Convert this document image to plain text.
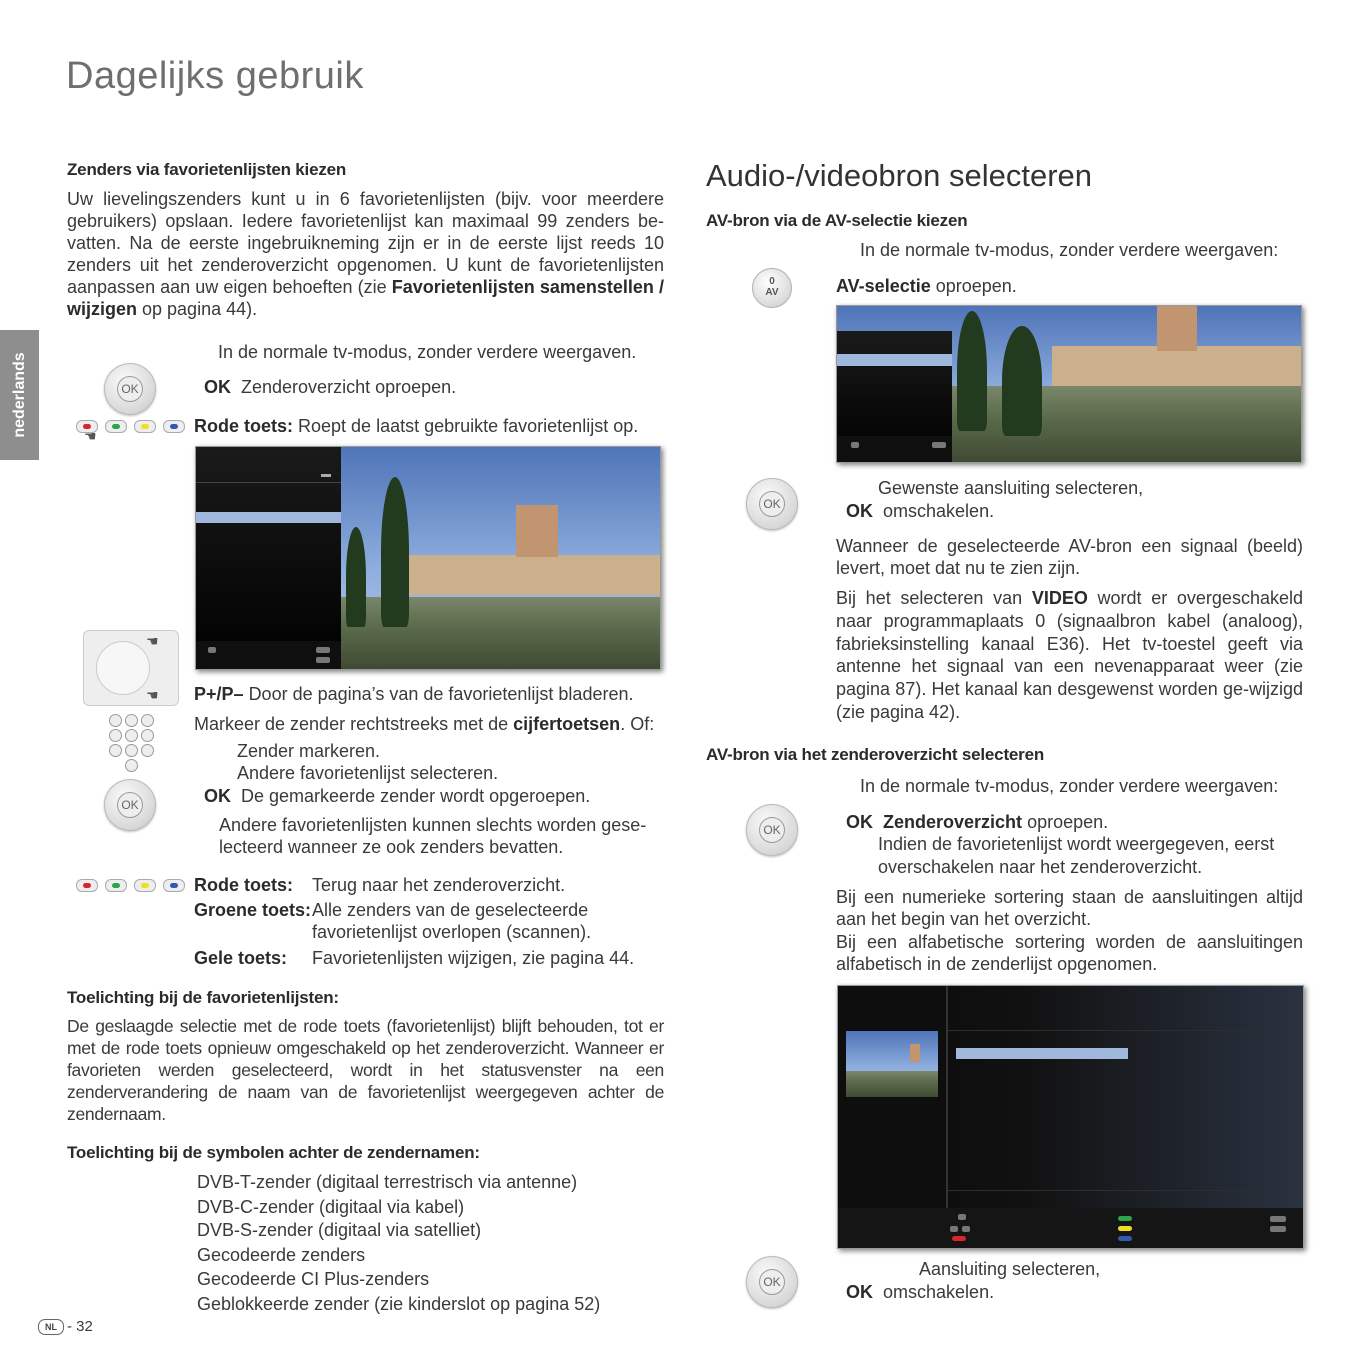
Dagelijks gebruik
nederlands
Zenders via favorietenlijsten kiezen
Uw lievelingszenders kunt u in 6 favorietenlijsten (bijv. voor meerdere gebruikers) opslaan. Iedere favorietenlijst kan maximaal 99 zenders be-vatten. Na de eerste ingebruikneming zijn er in de eerste lijst reeds 10 zenders uit het zenderoverzicht opgenomen. U kunt de favorietenlijsten aanpassen aan uw eigen behoeften (zie Favorietenlijsten samenstellen / wijzigen op pagina 44).
In de normale tv-modus, zonder verdere weergaven.
OK	OK Zenderoverzicht oproepen.
☚	Rode toets: Roept de laatst gebruikte favorietenlijst op.
☚
☚ P+/P– Door de pagina’s van de favorietenlijst bladeren.
Markeer de zender rechtstreeks met de cijfertoetsen. Of:
OK
Zender markeren.
Andere favorietenlijst selecteren.
OK De gemarkeerde zender wordt opgeroepen.
Andere favorietenlijsten kunnen slechts worden gese-
lecteerd wanneer ze ook zenders bevatten.
Rode toets: Terug naar het zenderoverzicht.
Groene toets: Alle zenders van de geselecteerde
favorietenlijst overlopen (scannen).
Gele toets: Favorietenlijsten wijzigen, zie pagina 44.
Toelichting bij de favorietenlijsten:
De geslaagde selectie met de rode toets (favorietenlijst) blijft behouden, tot er met de rode toets opnieuw omgeschakeld op het zenderoverzicht. Wanneer er favorieten werden geselecteerd, wordt in het statusvenster na een zenderverandering de naam van de favorietenlijst weergegeven achter de zendernaam.
Toelichting bij de symbolen achter de zendernamen:
DVB-T-zender (digitaal terrestrisch via antenne)
DVB-C-zender (digitaal via kabel)
DVB-S-zender (digitaal via satelliet)
Gecodeerde zenders
Gecodeerde CI Plus-zenders
Geblokkeerde zender (zie kinderslot op pagina 52)
NL - 32
Audio-/videobron selecteren
AV-bron via de AV-selectie kiezen
In de normale tv-modus, zonder verdere weergaven:
0
AV	AV-selectie oproepen.
OK
Gewenste aansluiting selecteren,
OK omschakelen.
Wanneer de geselecteerde AV-bron een signaal (beeld) levert, moet dat nu te zien zijn.
Bij het selecteren van VIDEO wordt er overgeschakeld naar programmaplaats 0 (signaalbron kabel (analoog), fabrieksinstelling kanaal E36). Het tv-toestel geeft via antenne het signaal van een nevenapparaat weer (zie pagina 87). Het kanaal kan desgewenst worden ge-wijzigd (zie pagina 42).
AV-bron via het zenderoverzicht selecteren
In de normale tv-modus, zonder verdere weergaven:
OK	OK Zenderoverzicht oproepen.
Indien de favorietenlijst wordt weergegeven, eerst
overschakelen naar het zenderoverzicht.
Bij een numerieke sortering staan de aansluitingen altijd aan het begin van het overzicht.
Bij een alfabetische sortering worden de aansluitingen alfabetisch in de zenderlijst opgenomen.
OK
Aansluiting selecteren,
OK omschakelen.
